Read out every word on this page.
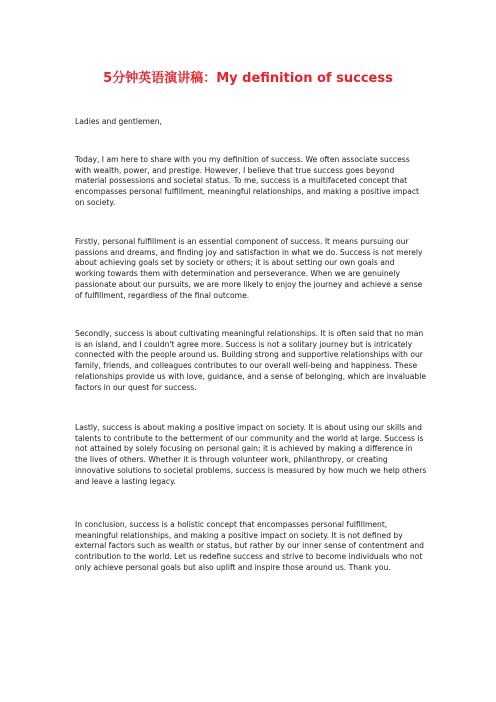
5分钟英语演讲稿：My definition of success

Ladies and gentlemen,

Today, I am here to share with you my definition of success. We often associate success with wealth, power, and prestige. However, I believe that true success goes beyond material possessions and societal status. To me, success is a multifaceted concept that encompasses personal fulfillment, meaningful relationships, and making a positive impact on society.

Firstly, personal fulfillment is an essential component of success. It means pursuing our passions and dreams, and finding joy and satisfaction in what we do. Success is not merely about achieving goals set by society or others; it is about setting our own goals and working towards them with determination and perseverance. When we are genuinely passionate about our pursuits, we are more likely to enjoy the journey and achieve a sense of fulfillment, regardless of the final outcome.

Secondly, success is about cultivating meaningful relationships. It is often said that no man is an island, and I couldn't agree more. Success is not a solitary journey but is intricately connected with the people around us. Building strong and supportive relationships with our family, friends, and colleagues contributes to our overall well-being and happiness. These relationships provide us with love, guidance, and a sense of belonging, which are invaluable factors in our quest for success.

Lastly, success is about making a positive impact on society. It is about using our skills and talents to contribute to the betterment of our community and the world at large. Success is not attained by solely focusing on personal gain; it is achieved by making a difference in the lives of others. Whether it is through volunteer work, philanthropy, or creating innovative solutions to societal problems, success is measured by how much we help others and leave a lasting legacy.

In conclusion, success is a holistic concept that encompasses personal fulfillment, meaningful relationships, and making a positive impact on society. It is not defined by external factors such as wealth or status, but rather by our inner sense of contentment and contribution to the world. Let us redefine success and strive to become individuals who not only achieve personal goals but also uplift and inspire those around us. Thank you.
